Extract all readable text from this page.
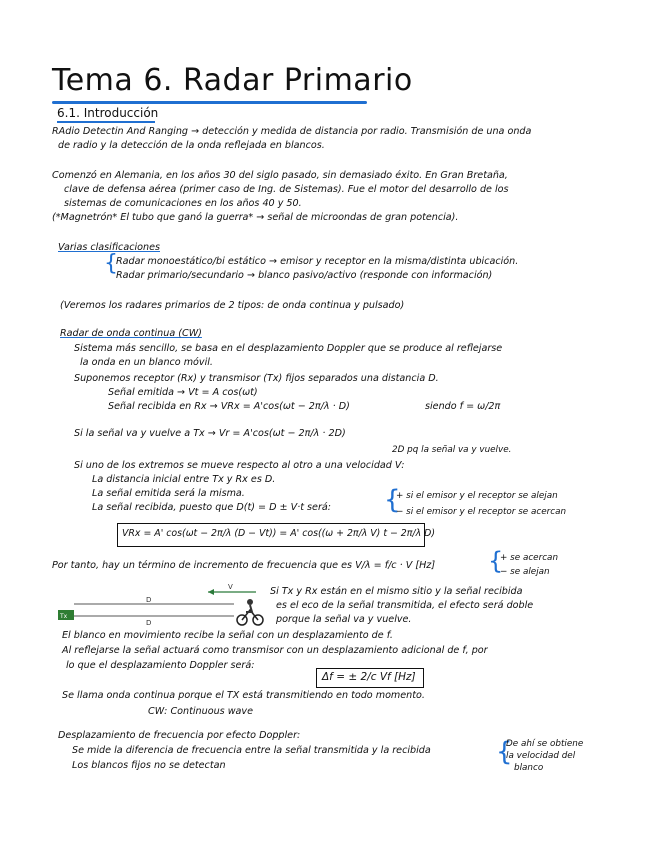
Tema 6. Radar Primario
6.1. Introducción
RAdio Detectin And Ranging → detección y medida de distancia por radio. Transmisión de una onda
de radio y la detección de la onda reflejada en blancos.
Comenzó en Alemania, en los años 30 del siglo pasado, sin demasiado éxito. En Gran Bretaña,
clave de defensa aérea (primer caso de Ing. de Sistemas). Fue el motor del desarrollo de los
sistemas de comunicaciones en los años 40 y 50.
(*Magnetrón* El tubo que ganó la guerra* → señal de microondas de gran potencia).
Varias clasificaciones
{
Radar monoestático/bi estático → emisor y receptor en la misma/distinta ubicación.
Radar primario/secundario → blanco pasivo/activo (responde con información)
(Veremos los radares primarios de 2 tipos: de onda continua y pulsado)
Radar de onda continua (CW)
Sistema más sencillo, se basa en el desplazamiento Doppler que se produce al reflejarse
la onda en un blanco móvil.
Suponemos receptor (Rx) y transmisor (Tx) fijos separados una distancia D.
Señal emitida → Vt = A cos(ωt)
Señal recibida en Rx → VRx = A'cos(ωt − 2π/λ · D)	siendo f = ω/2π
Si la señal va y vuelve a Tx → Vr = A'cos(ωt − 2π/λ · 2D)
2D pq la señal va y vuelve.
Si uno de los extremos se mueve respecto al otro a una velocidad V:
La distancia inicial entre Tx y Rx es D.
La señal emitida será la misma.
La señal recibida, puesto que D(t) = D ± V·t será: {
+ si el emisor y el receptor se alejan
− si el emisor y el receptor se acercan
VRx = A' cos(ωt − 2π/λ (D − Vt)) = A' cos((ω + 2π/λ V) t − 2π/λ D)
Por tanto, hay un término de incremento de frecuencia que es V/λ = f/c · V [Hz] {
+ se acercan
− se alejan
V
D
D
Tx
Si Tx y Rx están en el mismo sitio y la señal recibida
es el eco de la señal transmitida, el efecto será doble
porque la señal va y vuelve.
El blanco en movimiento recibe la señal con un desplazamiento de f.
Al reflejarse la señal actuará como transmisor con un desplazamiento adicional de f, por
lo que el desplazamiento Doppler será:
Δf = ± 2/c Vf [Hz]
Se llama onda continua porque el TX está transmitiendo en todo momento.
CW: Continuous wave
Desplazamiento de frecuencia por efecto Doppler:
Se mide la diferencia de frecuencia entre la señal transmitida y la recibida
Los blancos fijos no se detectan	{
De ahí se obtiene
la velocidad del
blanco
